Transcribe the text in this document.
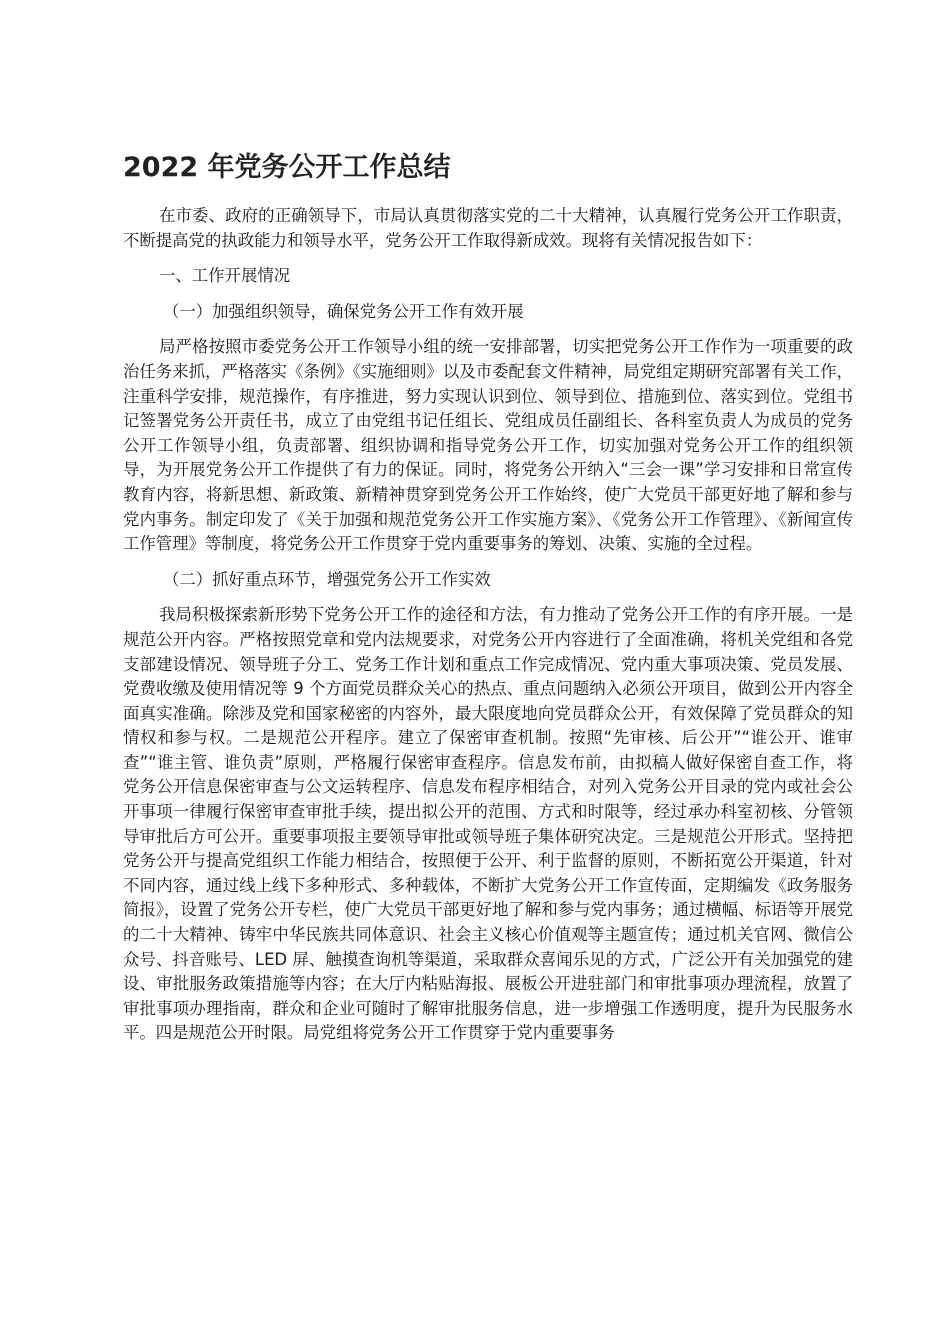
2022 年党务公开工作总结

在市委、政府的正确领导下，市局认真贯彻落实党的二十大精神，认真履行党务公开工作职责，不断提高党的执政能力和领导水平，党务公开工作取得新成效。现将有关情况报告如下：

一、工作开展情况

（一）加强组织领导，确保党务公开工作有效开展

局严格按照市委党务公开工作领导小组的统一安排部署，切实把党务公开工作作为一项重要的政治任务来抓，严格落实《条例》《实施细则》以及市委配套文件精神，局党组定期研究部署有关工作，注重科学安排，规范操作，有序推进，努力实现认识到位、领导到位、措施到位、落实到位。党组书记签署党务公开责任书，成立了由党组书记任组长、党组成员任副组长、各科室负责人为成员的党务公开工作领导小组，负责部署、组织协调和指导党务公开工作，切实加强对党务公开工作的组织领导，为开展党务公开工作提供了有力的保证。同时，将党务公开纳入“三会一课”学习安排和日常宣传教育内容，将新思想、新政策、新精神贯穿到党务公开工作始终，使广大党员干部更好地了解和参与党内事务。制定印发了《关于加强和规范党务公开工作实施方案》、《党务公开工作管理》、《新闻宣传工作管理》等制度，将党务公开工作贯穿于党内重要事务的筹划、决策、实施的全过程。

（二）抓好重点环节，增强党务公开工作实效

我局积极探索新形势下党务公开工作的途径和方法，有力推动了党务公开工作的有序开展。一是规范公开内容。严格按照党章和党内法规要求，对党务公开内容进行了全面准确，将机关党组和各党支部建设情况、领导班子分工、党务工作计划和重点工作完成情况、党内重大事项决策、党员发展、党费收缴及使用情况等 9 个方面党员群众关心的热点、重点问题纳入必须公开项目，做到公开内容全面真实准确。除涉及党和国家秘密的内容外，最大限度地向党员群众公开，有效保障了党员群众的知情权和参与权。二是规范公开程序。建立了保密审查机制。按照“先审核、后公开”“谁公开、谁审查”“谁主管、谁负责”原则，严格履行保密审查程序。信息发布前，由拟稿人做好保密自查工作，将党务公开信息保密审查与公文运转程序、信息发布程序相结合，对列入党务公开目录的党内或社会公开事项一律履行保密审查审批手续，提出拟公开的范围、方式和时限等，经过承办科室初核、分管领导审批后方可公开。重要事项报主要领导审批或领导班子集体研究决定。三是规范公开形式。坚持把党务公开与提高党组织工作能力相结合，按照便于公开、利于监督的原则，不断拓宽公开渠道，针对不同内容，通过线上线下多种形式、多种载体，不断扩大党务公开工作宣传面，定期编发《政务服务简报》，设置了党务公开专栏，使广大党员干部更好地了解和参与党内事务；通过横幅、标语等开展党的二十大精神、铸牢中华民族共同体意识、社会主义核心价值观等主题宣传；通过机关官网、微信公众号、抖音账号、LED 屏、触摸查询机等渠道，采取群众喜闻乐见的方式，广泛公开有关加强党的建设、审批服务政策措施等内容；在大厅内粘贴海报、展板公开进驻部门和审批事项办理流程，放置了审批事项办理指南，群众和企业可随时了解审批服务信息，进一步增强工作透明度，提升为民服务水平。四是规范公开时限。局党组将党务公开工作贯穿于党内重要事务
